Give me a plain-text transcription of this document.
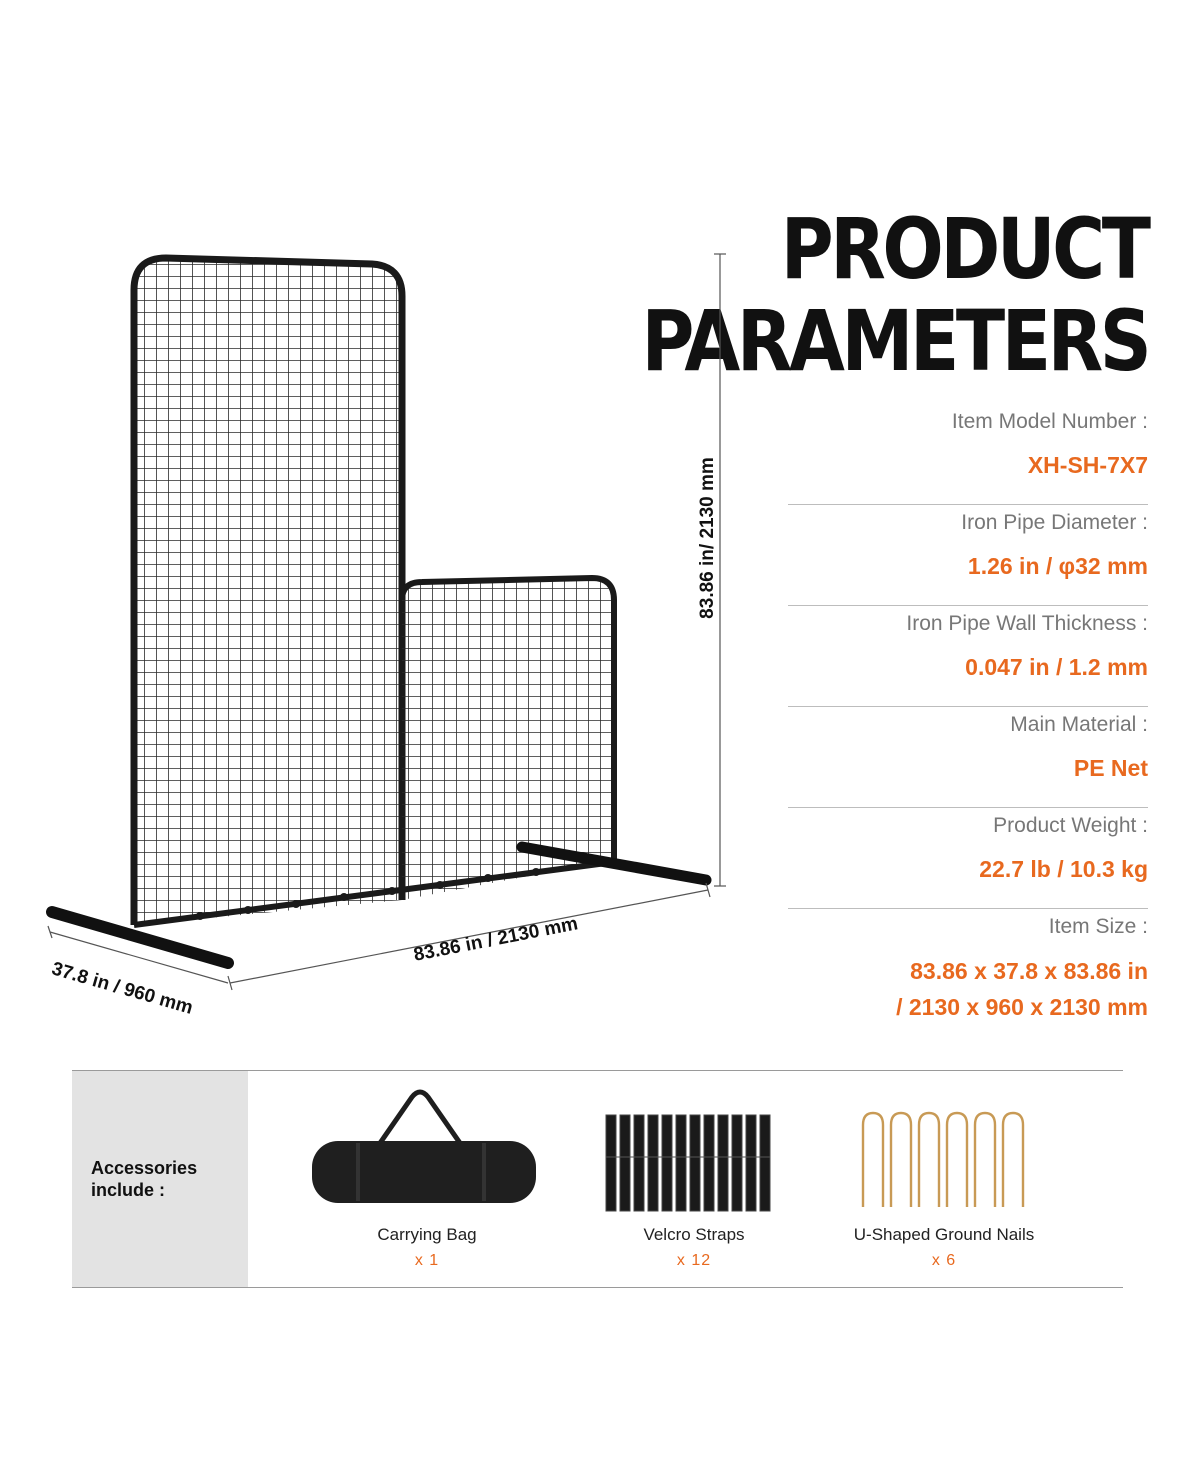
PRODUCT
PARAMETERS
Item Model Number :
XH-SH-7X7
Iron Pipe Diameter :
1.26 in / φ32 mm
Iron Pipe Wall Thickness :
0.047 in / 1.2 mm
Main Material :
PE Net
Product Weight :
22.7 lb / 10.3 kg
Item Size :
83.86 x 37.8 x 83.86 in
/ 2130 x 960 x 2130 mm
83.86 in/ 2130 mm
83.86 in / 2130 mm
37.8 in / 960 mm
Accessories include :
Carrying Bag
x 1
Velcro Straps
x 12
U-Shaped Ground Nails
x 6
